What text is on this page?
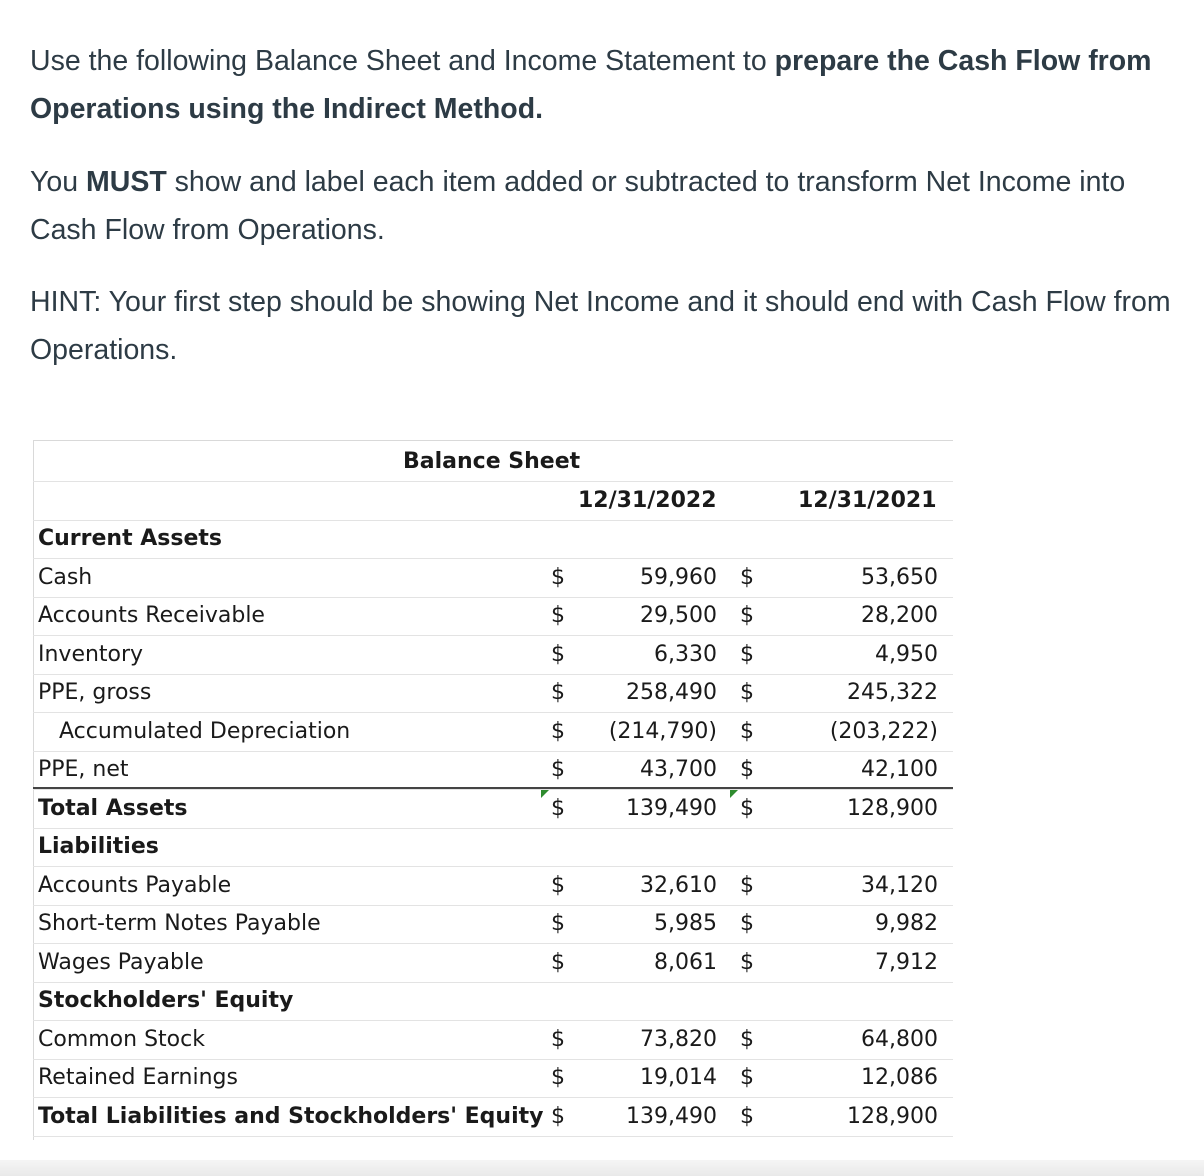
Use the following Balance Sheet and Income Statement to prepare the Cash Flow from Operations using the Indirect Method.

You MUST show and label each item added or subtracted to transform Net Income into Cash Flow from Operations.

HINT: Your first step should be showing Net Income and it should end with Cash Flow from Operations.

Balance Sheet
12/31/2022	12/31/2021
Current Assets
Cash	$	59,960	$	53,650
Accounts Receivable	$	29,500	$	28,200
Inventory	$	6,330	$	4,950
PPE, gross	$	258,490	$	245,322
Accumulated Depreciation	$	(214,790)	$	(203,222)
PPE, net	$	43,700	$	42,100
Total Assets	$	139,490	$	128,900
Liabilities
Accounts Payable	$	32,610	$	34,120
Short-term Notes Payable	$	5,985	$	9,982
Wages Payable	$	8,061	$	7,912
Stockholders' Equity
Common Stock	$	73,820	$	64,800
Retained Earnings	$	19,014	$	12,086
Total Liabilities and Stockholders' Equity $	139,490	$	128,900
